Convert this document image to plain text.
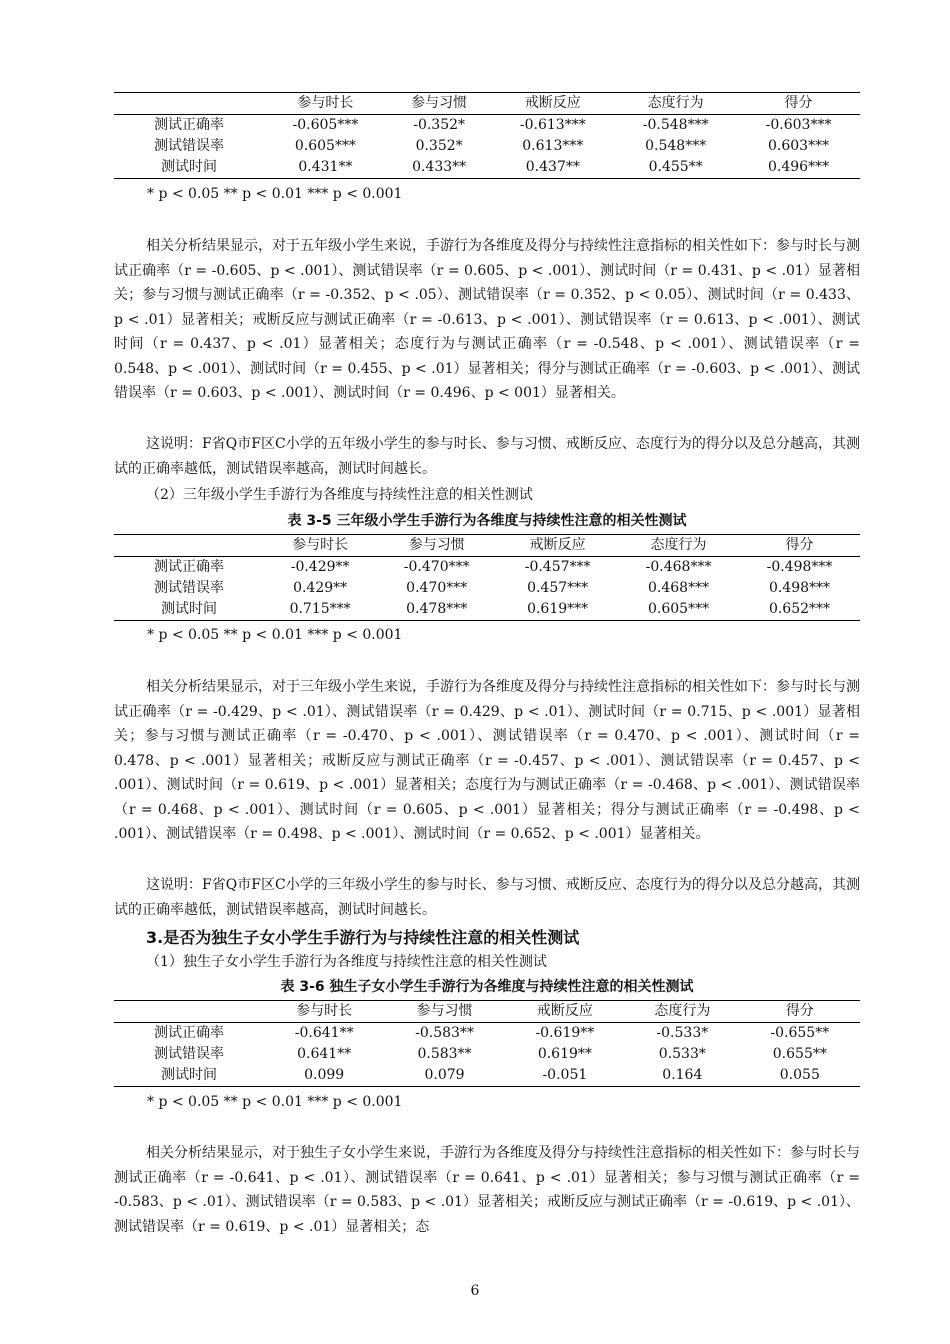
	参与时长	参与习惯	戒断反应	态度行为	得分
测试正确率	-0.605***	-0.352*	-0.613***	-0.548***	-0.603***
测试错误率	0.605***	0.352*	0.613***	0.548***	0.603***
测试时间	0.431**	0.433**	0.437**	0.455**	0.496***
* p < 0.05 ** p < 0.01 *** p < 0.001

相关分析结果显示，对于五年级小学生来说，手游行为各维度及得分与持续性注意指标的相关性如下：参与时长与测试正确率（r = -0.605、p < .001）、测试错误率（r = 0.605、p < .001）、测试时间（r = 0.431、p < .01）显著相关；参与习惯与测试正确率（r = -0.352、p < .05）、测试错误率（r = 0.352、p < 0.05）、测试时间（r = 0.433、p < .01）显著相关；戒断反应与测试正确率（r = -0.613、p < .001）、测试错误率（r = 0.613、p < .001）、测试时间（r = 0.437、p < .01）显著相关；态度行为与测试正确率（r = -0.548、p < .001）、测试错误率（r = 0.548、p < .001）、测试时间（r = 0.455、p < .01）显著相关；得分与测试正确率（r = -0.603、p < .001）、测试错误率（r = 0.603、p < .001）、测试时间（r = 0.496、p < 001）显著相关。

这说明：F省Q市F区C小学的五年级小学生的参与时长、参与习惯、戒断反应、态度行为的得分以及总分越高，其测试的正确率越低，测试错误率越高，测试时间越长。

（2）三年级小学生手游行为各维度与持续性注意的相关性测试
表 3-5 三年级小学生手游行为各维度与持续性注意的相关性测试
	参与时长	参与习惯	戒断反应	态度行为	得分
测试正确率	-0.429**	-0.470***	-0.457***	-0.468***	-0.498***
测试错误率	0.429**	0.470***	0.457***	0.468***	0.498***
测试时间	0.715***	0.478***	0.619***	0.605***	0.652***
* p < 0.05 ** p < 0.01 *** p < 0.001

相关分析结果显示，对于三年级小学生来说，手游行为各维度及得分与持续性注意指标的相关性如下：参与时长与测试正确率（r = -0.429、p < .01）、测试错误率（r = 0.429、p < .01）、测试时间（r = 0.715、p < .001）显著相关；参与习惯与测试正确率（r = -0.470、p < .001）、测试错误率（r = 0.470、p < .001）、测试时间（r = 0.478、p < .001）显著相关；戒断反应与测试正确率（r = -0.457、p < .001）、测试错误率（r = 0.457、p < .001）、测试时间（r = 0.619、p < .001）显著相关；态度行为与测试正确率（r = -0.468、p < .001）、测试错误率（r = 0.468、p < .001）、测试时间（r = 0.605、p < .001）显著相关；得分与测试正确率（r = -0.498、p < .001）、测试错误率（r = 0.498、p < .001）、测试时间（r = 0.652、p < .001）显著相关。

这说明：F省Q市F区C小学的三年级小学生的参与时长、参与习惯、戒断反应、态度行为的得分以及总分越高，其测试的正确率越低，测试错误率越高，测试时间越长。

3.是否为独生子女小学生手游行为与持续性注意的相关性测试
（1）独生子女小学生手游行为各维度与持续性注意的相关性测试
表 3-6 独生子女小学生手游行为各维度与持续性注意的相关性测试
	参与时长	参与习惯	戒断反应	态度行为	得分
测试正确率	-0.641**	-0.583**	-0.619**	-0.533*	-0.655**
测试错误率	0.641**	0.583**	0.619**	0.533*	0.655**
测试时间	0.099	0.079	-0.051	0.164	0.055
* p < 0.05 ** p < 0.01 *** p < 0.001

相关分析结果显示，对于独生子女小学生来说，手游行为各维度及得分与持续性注意指标的相关性如下：参与时长与测试正确率（r = -0.641、p < .01）、测试错误率（r = 0.641、p < .01）显著相关；参与习惯与测试正确率（r = -0.583、p < .01）、测试错误率（r = 0.583、p < .01）显著相关；戒断反应与测试正确率（r = -0.619、p < .01）、测试错误率（r = 0.619、p < .01）显著相关；态

6
